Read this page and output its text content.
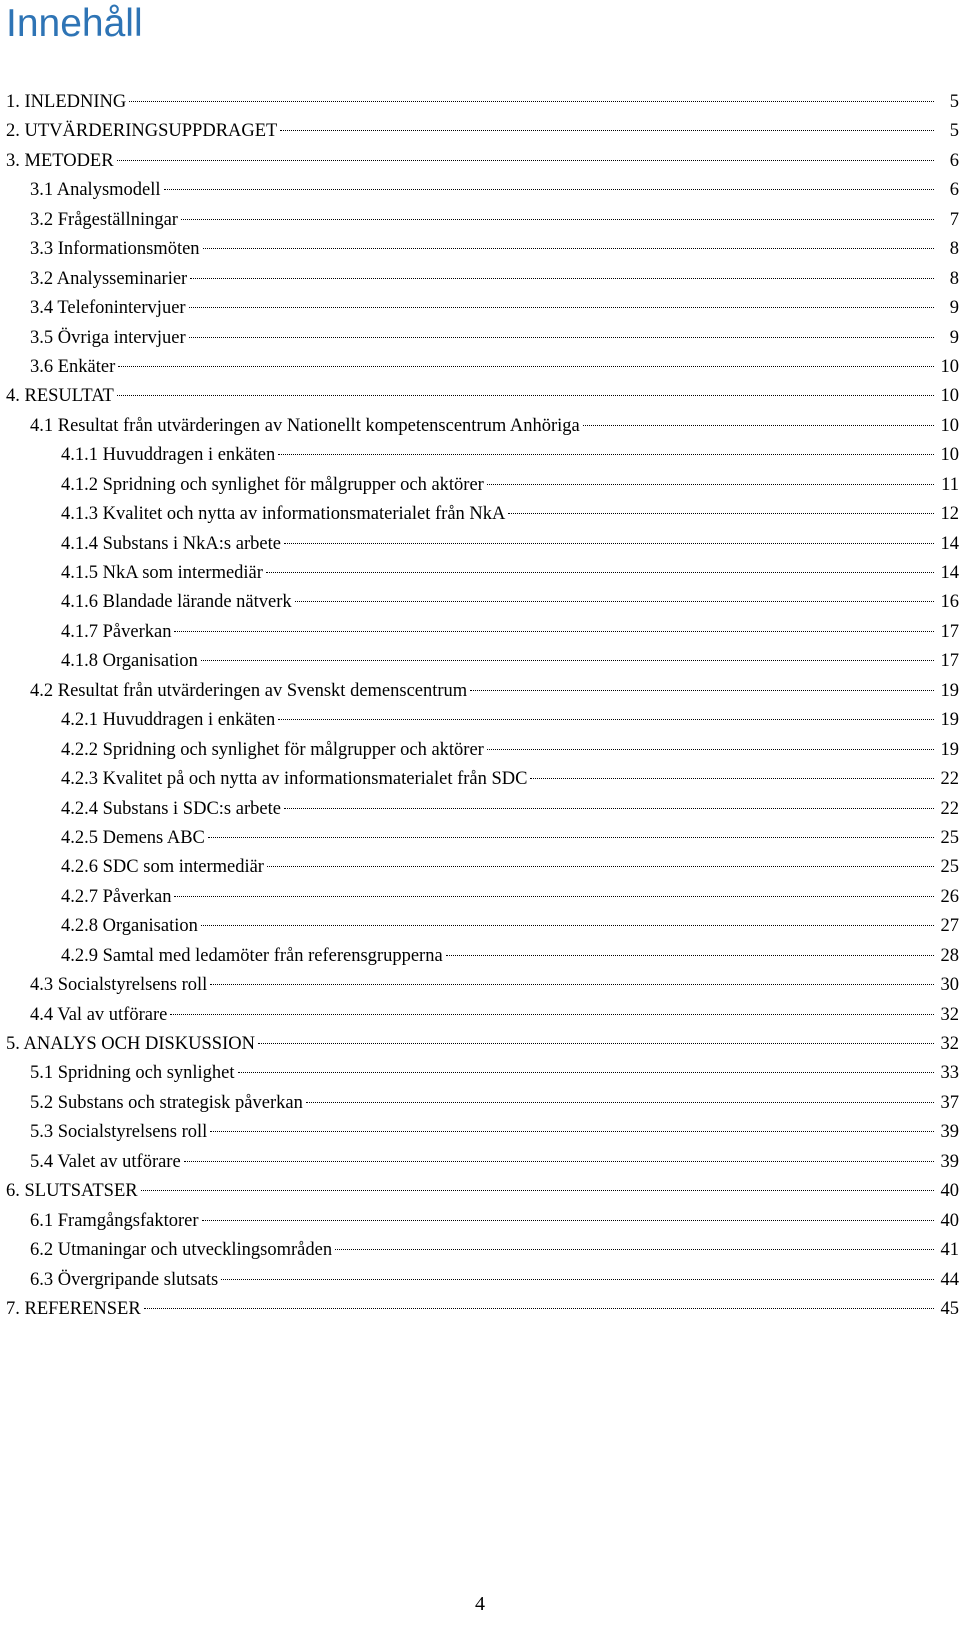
Innehåll
1. INLEDNING	5
2. UTVÄRDERINGSUPPDRAGET	5
3. METODER	6
3.1 Analysmodell	6
3.2 Frågeställningar	7
3.3 Informationsmöten	8
3.2 Analysseminarier	8
3.4 Telefonintervjuer	9
3.5 Övriga intervjuer	9
3.6 Enkäter	10
4. RESULTAT	10
4.1 Resultat från utvärderingen av Nationellt kompetenscentrum Anhöriga	10
4.1.1 Huvuddragen i enkäten	10
4.1.2 Spridning och synlighet för målgrupper och aktörer	11
4.1.3 Kvalitet och nytta av informationsmaterialet från NkA	12
4.1.4 Substans i NkA:s arbete	14
4.1.5 NkA som intermediär	14
4.1.6 Blandade lärande nätverk	16
4.1.7 Påverkan	17
4.1.8 Organisation	17
4.2 Resultat från utvärderingen av Svenskt demenscentrum	19
4.2.1 Huvuddragen i enkäten	19
4.2.2 Spridning och synlighet för målgrupper och aktörer	19
4.2.3 Kvalitet på och nytta av informationsmaterialet från SDC	22
4.2.4 Substans i SDC:s arbete	22
4.2.5 Demens ABC	25
4.2.6 SDC som intermediär	25
4.2.7 Påverkan	26
4.2.8 Organisation	27
4.2.9 Samtal med ledamöter från referensgrupperna	28
4.3 Socialstyrelsens roll	30
4.4 Val av utförare	32
5. ANALYS OCH DISKUSSION	32
5.1 Spridning och synlighet	33
5.2 Substans och strategisk påverkan	37
5.3 Socialstyrelsens roll	39
5.4 Valet av utförare	39
6. SLUTSATSER	40
6.1 Framgångsfaktorer	40
6.2 Utmaningar och utvecklingsområden	41
6.3 Övergripande slutsats	44
7. REFERENSER	45
4
